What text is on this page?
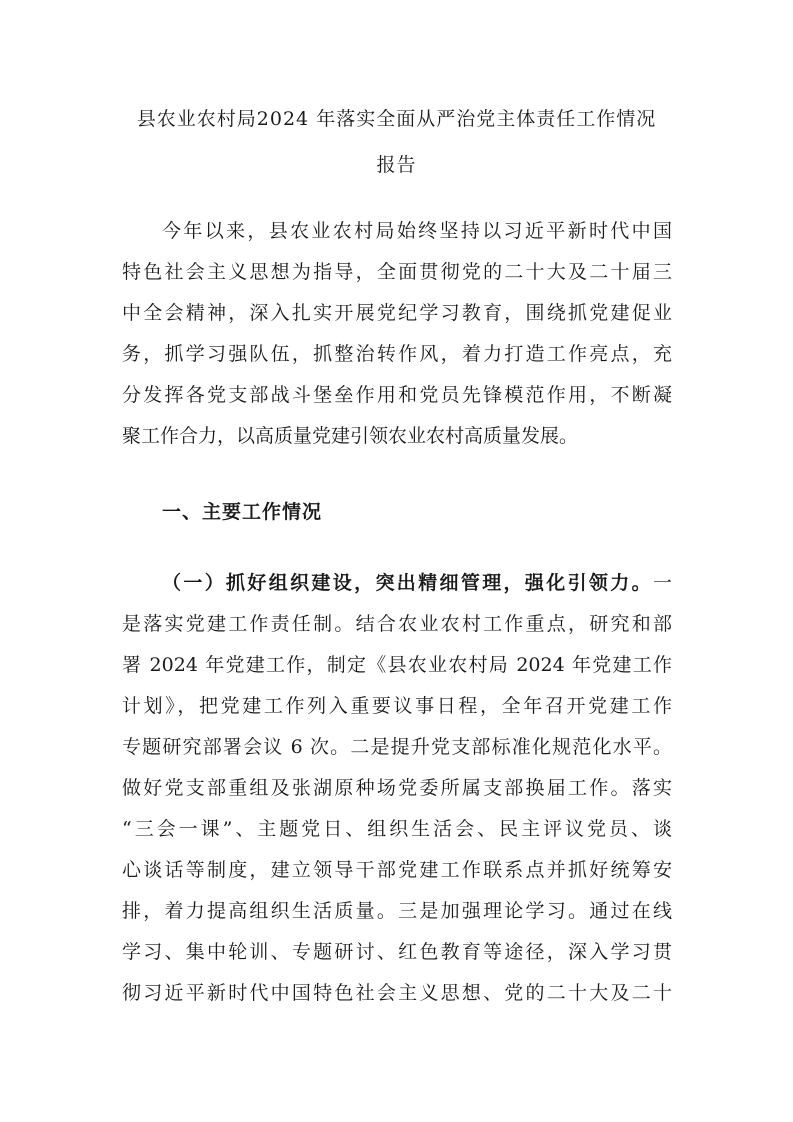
县农业农村局2024 年落实全面从严治党主体责任工作情况
报告
今年以来，县农业农村局始终坚持以习近平新时代中国
特色社会主义思想为指导，全面贯彻党的二十大及二十届三
中全会精神，深入扎实开展党纪学习教育，围绕抓党建促业
务，抓学习强队伍，抓整治转作风，着力打造工作亮点，充
分发挥各党支部战斗堡垒作用和党员先锋模范作用，不断凝
聚工作合力，以高质量党建引领农业农村高质量发展。
一、主要工作情况
（一）抓好组织建设，突出精细管理，强化引领力。一
是落实党建工作责任制。结合农业农村工作重点，研究和部
署 2024 年党建工作，制定《县农业农村局 2024 年党建工作
计划》，把党建工作列入重要议事日程，全年召开党建工作
专题研究部署会议 6 次。二是提升党支部标准化规范化水平。
做好党支部重组及张湖原种场党委所属支部换届工作。落实
“三会一课”、主题党日、组织生活会、民主评议党员、谈
心谈话等制度，建立领导干部党建工作联系点并抓好统筹安
排，着力提高组织生活质量。三是加强理论学习。通过在线
学习、集中轮训、专题研讨、红色教育等途径，深入学习贯
彻习近平新时代中国特色社会主义思想、党的二十大及二十
